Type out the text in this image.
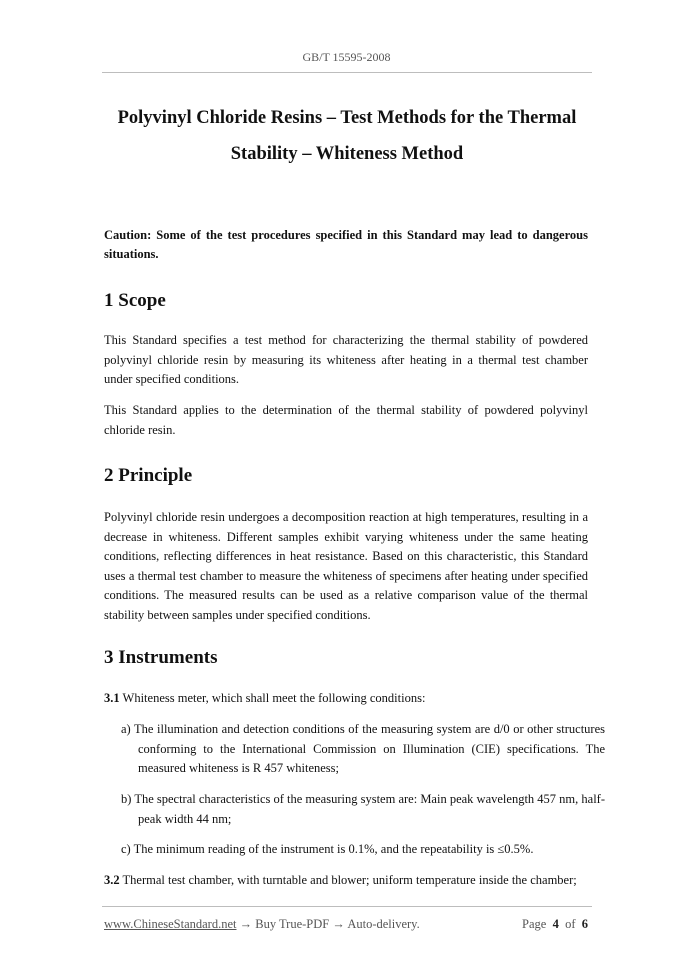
GB/T 15595-2008
Polyvinyl Chloride Resins – Test Methods for the Thermal
Stability – Whiteness Method

Caution: Some of the test procedures specified in this Standard may lead to dangerous situations.

1 Scope

This Standard specifies a test method for characterizing the thermal stability of powdered polyvinyl chloride resin by measuring its whiteness after heating in a thermal test chamber under specified conditions.

This Standard applies to the determination of the thermal stability of powdered polyvinyl chloride resin.

2 Principle

Polyvinyl chloride resin undergoes a decomposition reaction at high temperatures, resulting in a decrease in whiteness. Different samples exhibit varying whiteness under the same heating conditions, reflecting differences in heat resistance. Based on this characteristic, this Standard uses a thermal test chamber to measure the whiteness of specimens after heating under specified conditions. The measured results can be used as a relative comparison value of the thermal stability between samples under specified conditions.

3 Instruments

3.1 Whiteness meter, which shall meet the following conditions:

a) The illumination and detection conditions of the measuring system are d/0 or other structures conforming to the International Commission on Illumination (CIE) specifications. The measured whiteness is R 457 whiteness;

b) The spectral characteristics of the measuring system are: Main peak wavelength 457 nm, half-peak width 44 nm;

c) The minimum reading of the instrument is 0.1%, and the repeatability is ≤0.5%.

3.2 Thermal test chamber, with turntable and blower; uniform temperature inside the chamber;

www.ChineseStandard.net → Buy True-PDF → Auto-delivery.	Page 4 of 6
